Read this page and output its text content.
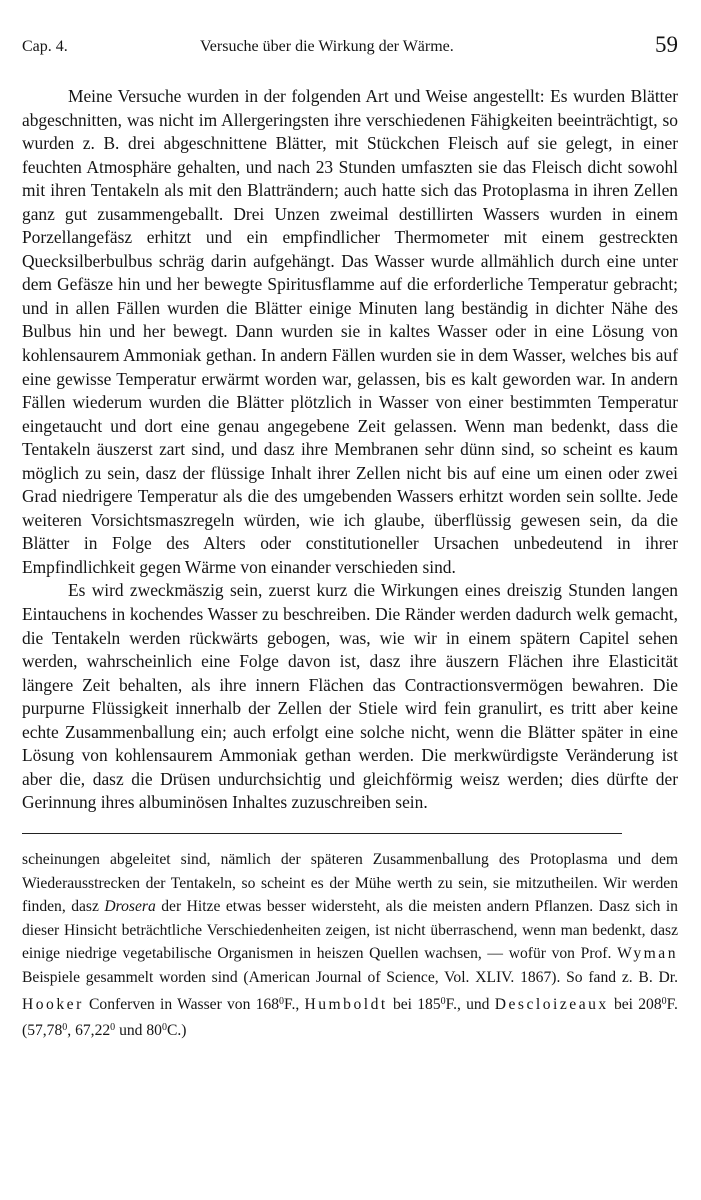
Cap. 4.	Versuche über die Wirkung der Wärme.	59

Meine Versuche wurden in der folgenden Art und Weise angestellt: Es wurden Blätter abgeschnitten, was nicht im Allergeringsten ihre verschiedenen Fähigkeiten beeinträchtigt, so wurden z. B. drei abgeschnittene Blätter, mit Stückchen Fleisch auf sie gelegt, in einer feuchten Atmosphäre gehalten, und nach 23 Stunden umfaszten sie das Fleisch dicht sowohl mit ihren Tentakeln als mit den Blatträndern; auch hatte sich das Protoplasma in ihren Zellen ganz gut zusammengeballt. Drei Unzen zweimal destillirten Wassers wurden in einem Porzellangefäsz erhitzt und ein empfindlicher Thermometer mit einem gestreckten Quecksilberbulbus schräg darin aufgehängt. Das Wasser wurde allmählich durch eine unter dem Gefäsze hin und her bewegte Spiritusflamme auf die erforderliche Temperatur gebracht; und in allen Fällen wurden die Blätter einige Minuten lang beständig in dichter Nähe des Bulbus hin und her bewegt. Dann wurden sie in kaltes Wasser oder in eine Lösung von kohlensaurem Ammoniak gethan. In andern Fällen wurden sie in dem Wasser, welches bis auf eine gewisse Temperatur erwärmt worden war, gelassen, bis es kalt geworden war. In andern Fällen wiederum wurden die Blätter plötzlich in Wasser von einer bestimmten Temperatur eingetaucht und dort eine genau angegebene Zeit gelassen. Wenn man bedenkt, dass die Tentakeln äuszerst zart sind, und dasz ihre Membranen sehr dünn sind, so scheint es kaum möglich zu sein, dasz der flüssige Inhalt ihrer Zellen nicht bis auf eine um einen oder zwei Grad niedrigere Temperatur als die des umgebenden Wassers erhitzt worden sein sollte. Jede weiteren Vorsichtsmaszregeln würden, wie ich glaube, überflüssig gewesen sein, da die Blätter in Folge des Alters oder constitutioneller Ursachen unbedeutend in ihrer Empfindlichkeit gegen Wärme von einander verschieden sind.

Es wird zweckmäszig sein, zuerst kurz die Wirkungen eines dreiszig Stunden langen Eintauchens in kochendes Wasser zu beschreiben. Die Ränder werden dadurch welk gemacht, die Tentakeln werden rückwärts gebogen, was, wie wir in einem spätern Capitel sehen werden, wahrscheinlich eine Folge davon ist, dasz ihre äuszern Flächen ihre Elasticität längere Zeit behalten, als ihre innern Flächen das Contractionsvermögen bewahren. Die purpurne Flüssigkeit innerhalb der Zellen der Stiele wird fein granulirt, es tritt aber keine echte Zusammenballung ein; auch erfolgt eine solche nicht, wenn die Blätter später in eine Lösung von kohlensaurem Ammoniak gethan werden. Die merkwürdigste Veränderung ist aber die, dasz die Drüsen undurchsichtig und gleichförmig weisz werden; dies dürfte der Gerinnung ihres albuminösen Inhaltes zuzuschreiben sein.

scheinungen abgeleitet sind, nämlich der späteren Zusammenballung des Protoplasma und dem Wiederausstrecken der Tentakeln, so scheint es der Mühe werth zu sein, sie mitzutheilen. Wir werden finden, dasz Drosera der Hitze etwas besser widersteht, als die meisten andern Pflanzen. Dasz sich in dieser Hinsicht beträchtliche Verschiedenheiten zeigen, ist nicht überraschend, wenn man bedenkt, dasz einige niedrige vegetabilische Organismen in heiszen Quellen wachsen, — wofür von Prof. Wyman Beispiele gesammelt worden sind (American Journal of Science, Vol. XLIV. 1867). So fand z. B. Dr. Hooker Conferven in Wasser von $168^0F$., Humboldt bei $185^0F$., und Descloizeaux bei $208^0F$. (57,78$^0$, 67,22$^0$ und $80^0C$.)
